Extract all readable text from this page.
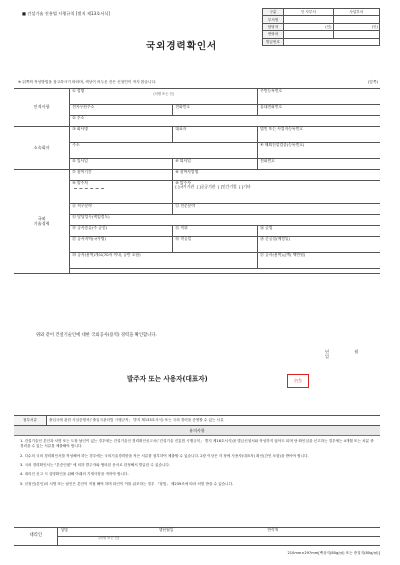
■ 건설기술 진흥법 시행규칙 [별지 제13호서식]	구분	인 사부서	사업부서
부서명		
담당자	(인)	(인)
연락처		
발급번호		
국외경력확인서
※ 뒤쪽의 작성방법을 참고하시기 바라며, 색상이 어두운 칸은 신청인이 적지 않습니다.	(앞쪽)
인적사항	① 성명
(서명 또는 인)		주민등록번호
	전자우편주소	전화번호	휴대전화번호
	② 주소		
소속회사	③ 회사명	대표자	법인 또는 사업자등록번호
	주소		④ 해외건설업종(등록번호)
	⑤ 입사일	⑥ 퇴사일	전화번호

국외
기술경력	⑦ 참여기간	⑧ 참여사업명	

	⑨ 발주처	⑩ 발주자
[ ]국가기관 [ ]공공기관 [ ]민간기업 [ ]기타	

	⑪ 직무분야	⑫ 전문분야	
	⑬ 담당업무(책임정도)		
	⑭ 공사종류(주 공종)	⑮ 직위	⑯ 공법
	⑰ 공사지역(국가명)	⑱ 착공일	⑲ 준공일(예정일)
	⑳ 공사(용역)개요(70자 이내, 공란 포함)		㉑ 공사(용역)금액( 백만원)

위와 같이 건설기술인에 대한 국외공사(용역) 경력을 확인합니다.
년	월 일
발주자 또는 사용자(대표자)	(인)
첨부서류	출입국에 관한 사실증명서(「출입국관리법 시행규칙」 별지 제133호서식) 또는 국외 경력을 증명할 수 있는 서류
유의사항

1. 건설기술인 본인과 서명 또는 도장 날인이 있는 경우에는 건설기술인 경력확인신고서(「건설기술 진흥법 시행규칙」 별지 제18호서식)을 발급신청서와 작성하지 않아도 되며 당·확인일을 신고하는 경우에는 4개월 또는 처분 중 경력을 수 있는 서류를 제출해야 합니다.

2. 다수의 국외 경력확인서를 작성해야 하는 경우에는 국외기술경력란을 작은 서류를 첨부하여 제출할 수 있습니다. 2장 이상은 각 장에 사용자(대표자) 확인(간인 포함)을 받아야 합니다.

3. 국외 경력확인서는 "본증인원" 에 의하 발주자와 협의된 문서로 한정해서 발급한 수 있습니다.

4. 대리인 신고 시 실명확인을 위해 아래의 기재사항을 적어야 합니다.

5. 신청인(본인)의 서명 또는 날인은 본인이 직접 해야 하며 타인이 이를 위조하는 경우 「형법」 제239조에 따라 처벌 받을 수 있습니다.

대리인	성명	생년월일	연락처
(서명 또는 인)
210mm×297mm[백상지(80g/㎡) 또는 중질지(80g/㎡)]
